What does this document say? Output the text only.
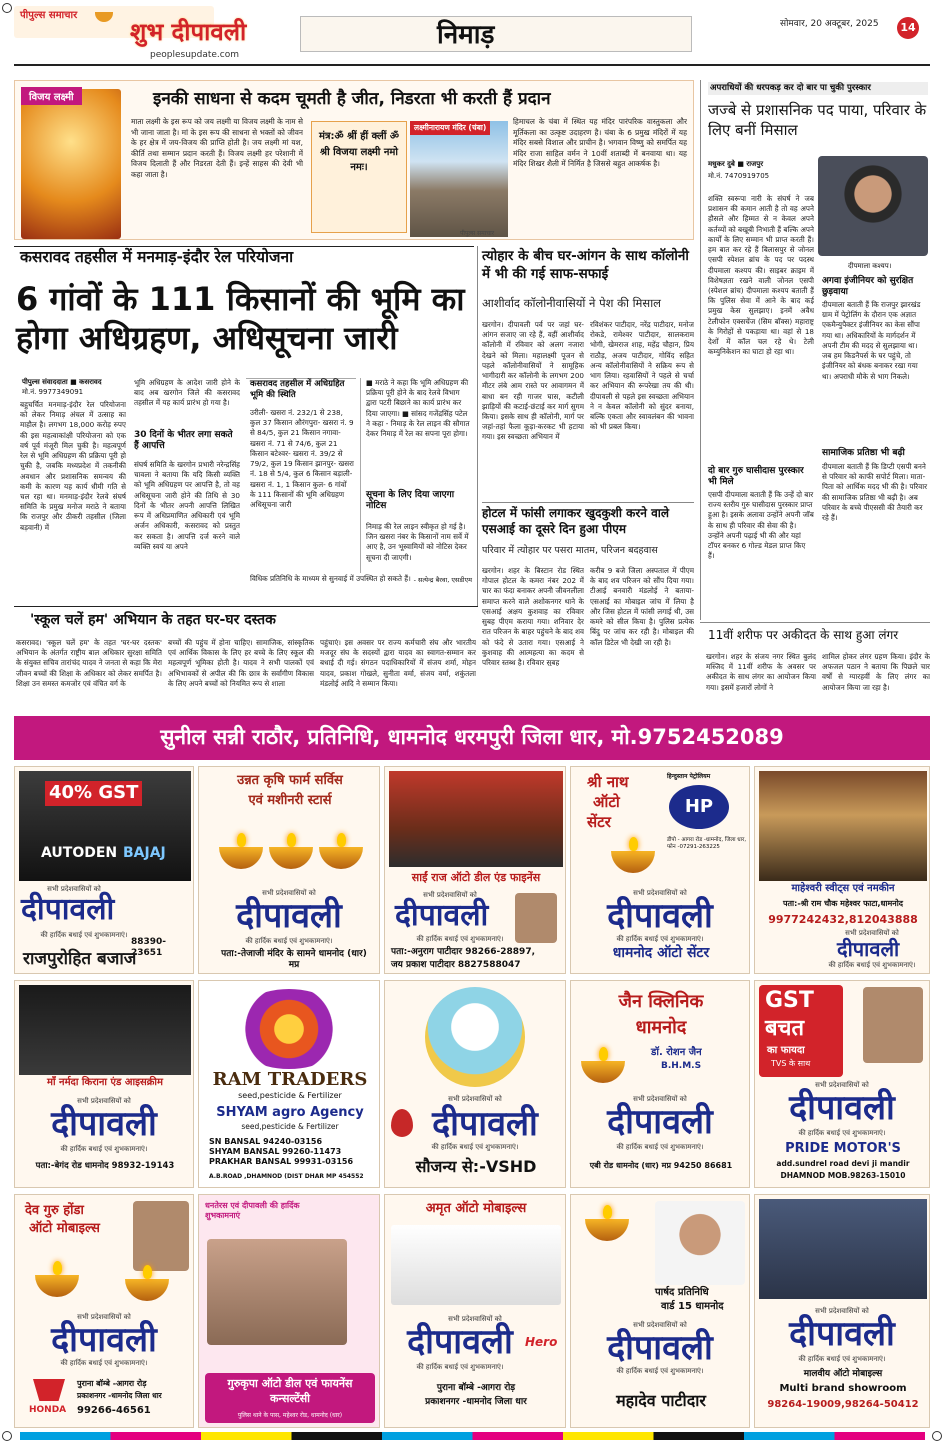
पीपुल्स समाचार
शुभ दीपावली
peoplesupdate.com
निमाड़	सोमवार, 20 अक्टूबर, 2025	14
विजय लक्ष्मी	इनकी साधना से कदम चूमती है जीत, निडरता भी करती हैं प्रदान
माता लक्ष्मी के इस रूप को जय लक्ष्मी या विजय लक्ष्मी के नाम से भी जाना जाता है। मां के इस रूप की साधना से भक्तों को जीवन के हर क्षेत्र में जय-विजय की प्राप्ति होती है। जय लक्ष्मी मां यश, कीर्ति तथा सम्मान प्रदान करती हैं। विजय लक्ष्मी हर परेशानी में विजय दिलाती हैं और निडरता देती हैं। इन्हें साहस की देवी भी कहा जाता है।
मंत्र:ॐ श्रीं हीं क्लीं ॐ श्री विजया लक्ष्मी नमो नमः।
लक्ष्मीनारायण मंदिर (चंबा)
हिमाचल के चंबा में स्थित यह मंदिर पारंपरिक वास्तुकला और मूर्तिकला का उत्कृष्ट उदाहरण है। चंबा के 6 प्रमुख मंदिरों में यह मंदिर सबसे विशाल और प्राचीन है। भगवान विष्णु को समर्पित यह मंदिर राजा साहिल वर्मन ने 10वीं शताब्दी में बनवाया था। यह मंदिर शिखर शैली में निर्मित है जिससे बहुत आकर्षक है।
पीपुल्स समाचार
कसरावद तहसील में मनमाड़-इंदौर रेल परियोजना
6 गांवों के 111 किसानों की भूमि का होगा अधिग्रहण, अधिसूचना जारी
पीपुल्स संवाददाता ■ कसरावद
मो.नं. 9977349091
बहुचर्चित मनमाड़-इंदौर रेल परियोजना को लेकर निमाड़ अंचल में उत्साह का माहौल है। लगभग 18,000 करोड़ रुपए की इस महत्वाकांक्षी परियोजना को एक वर्ष पूर्व मंजूरी मिल चुकी है। महत्वपूर्ण रेल से भूमि अधिग्रहण की प्रक्रिया पूरी हो चुकी है, जबकि मध्यप्रदेश में तकनीकी अवधान और प्रशासनिक समन्वय की कमी के कारण यह कार्य धीमी गति से चल रहा था। मनमाड़-इंदौर रेलवे संघर्ष समिति के प्रमुख मनोज मराठे ने बताया कि राजपुर और ठीकरी तहसील (जिला बड़वानी) में
भूमि अधिग्रहण के आदेश जारी होने के बाद अब खरगोन जिले की कसरावद तहसील में यह कार्य प्रारंभ हो गया है।
30 दिनों के भीतर लगा सकते हैं आपत्ति
संघर्ष समिति के खरगोन प्रभारी नरेन्द्रसिंह चावला ने बताया कि यदि किसी व्यक्ति को भूमि अधिग्रहण पर आपत्ति है, तो वह अधिसूचना जारी होने की तिथि से 30 दिनों के भीतर अपनी आपत्ति लिखित रूप में अधिप्रमाणित अधिकारी एवं भूमि अर्जन अधिकारी, कसरावद को प्रस्तुत कर सकता है। आपत्ति दर्ज करने वाले व्यक्ति स्वयं या अपने
कसरावद तहसील में अधिग्रहित भूमि की स्थिति
उरीली- खसरा नं. 232/1 से 238, कुल 37 किसान औरंगपुरा- खसरा नं. 9 से 84/5, कुल 21 किसान नगावा- खसरा नं. 71 से 74/6, कुल 21 किसान बटेश्वर- खसरा नं. 39/2 से 79/2, कुल 19 किसान झानपुर- खसरा नं. 18 से 5/4, कुल 6 किसान बड़ाली- खसरा नं. 1, 1 किसान कुल- 6 गांवों के 111 किसानों की भूमि अधिग्रहण अधिसूचना जारी
विधिक प्रतिनिधि के माध्यम से सुनवाई में उपस्थित हो सकते हैं।
■ मराठे ने कहा कि भूमि अधिग्रहण की प्रक्रिया पूरी होने के बाद रेलवे विभाग द्वारा पटरी बिछाने का कार्य प्रारंभ कर दिया जाएगा। ■ सांसद गजेंद्रसिंह पटेल ने कहा - निमाड़ के रेल लाइन की सौगात देकर निमाड़ में रेल का सपना पूरा होगा।
सूचना के लिए दिया जाएगा नोटिस
निमाड़ की रेल लाइन स्वीकृत हो गई है। जिन खसरा नंबर के किसानों नाम सर्वे में आए है, उन भूस्वामियों को नोटिस देकर सूचना दी जाएगी।
- सत्येन्द्र बैरवा, एसडीएम
त्योहार के बीच घर-आंगन के साथ कॉलोनी में भी की गई साफ-सफाई
आशीर्वाद कॉलोनीवासियों ने पेश की मिसाल
खरगोन। दीपावली पर्व पर जहां घर-आंगन सजाए जा रहे हैं, वहीं आशीर्वाद कॉलोनी में रविवार को अलग नजारा देखने को मिला। महालक्ष्मी पूजन से पहले कॉलोनीवासियों ने सामूहिक भागीदारी कर कॉलोनी के लगभग 200 मीटर लंबे आम रास्ते पर आवागमन में बाधा बन रही गाजर घास, कटीली झाड़ियों की कटाई-छंटाई कर मार्ग सुगम किया। इसके साथ ही कॉलोनी, मार्ग पर जहां-तहां फैला कूड़ा-करकट भी हटाया गया। इस स्वच्छता अभियान में
रविशंकर पाटीदार, नरेंद्र पाटीदार, मनोज रोकडे, रामेश्वर पाटीदार, सालकराम भोगी, खेमराज शाह, महेंद्र चौहान, प्रिय राठौड़, अजय पाटीदार, गोविंद सहित अन्य कॉलोनीवासियों ने सक्रिय रूप से भाग लिया। रहवासियों ने पहले से चर्चा कर अभियान की रूपरेखा तय की थी। दीपावली से पहले इस स्वच्छता अभियान ने न केवल कॉलोनी को सुंदर बनाया, बल्कि एकता और स्वावलंबन की भावना को भी प्रबल किया।
होटल में फांसी लगाकर खुदकुशी करने वाले एसआई का दूसरे दिन हुआ पीएम
परिवार में त्योहार पर पसरा मातम, परिजन बदहवास
खरगोन। शहर के बिस्टान रोड स्थित गोपाल होटल के कमरा नंबर 202 में चार का फंदा बनाकर अपनी जीवनलीला समाप्त करने वाले अशोकनगर थाने के एसआई अक्षय कुशवाह का रविवार सुबह पीएम कराया गया। शनिवार देर रात परिजन के बाहर पहुंचने के बाद शव को फंदे से उतारा गया। एसआई ने कुशवाह की आत्महत्या का कदम से परिवार स्तब्ध है। रविवार सुबह
करीब 9 बजे जिला अस्पताल में पीएम के बाद शव परिजन को सौंप दिया गया। टीआई बनवारी मंडलोई ने बताया- एसआई का मोबाइल जांच में लिया है और जिस होटल में फांसी लगाई थी, उस कमरे को सील किया है। पुलिस प्रत्येक बिंदु पर जांच कर रही है। मोबाइल की कॉल डिटेल भी देखी जा रही है।
'स्कूल चलें हम' अभियान के तहत घर-घर दस्तक
कसरावद। 'स्कूल चलें हम' के तहत 'घर-घर दस्तक' अभियान के अंतर्गत राष्ट्रीय बाल अधिकार सुरक्षा समिति के संयुक्त सचिव तारांचंद यादव ने जनता से कहा कि मेरा जीवन बच्चों की शिक्षा के अधिकार को लेकर समर्पित है। शिक्षा उन समस्त कमजोर एवं वंचित वर्ग के
बच्चों की पहुंच में होना चाहिए। सामाजिक, सांस्कृतिक एवं आर्थिक विकास के लिए हर बच्चे के लिए स्कूल की महत्वपूर्ण भूमिका होती है। यादव ने सभी पालकों एवं अभिभावकों से अपील की कि छात्र के सर्वांगीण विकास के लिए अपने बच्चों को नियमित रूप से शाला
पहुंचाएं। इस अवसर पर राज्य कर्मचारी संघ और भारतीय मजदूर संघ के सदस्यों द्वारा यादव का स्वागत-सम्मान कर बधाई दी गई। संगठन पदाधिकारियों में संजय शर्मा, मोहन यादव, प्रकाश गोखले, सुनीता वर्मा, संजय वर्मा, शकुंतला मंडलोई आदि ने सम्मान किया।
अपराधियों की धरपकड़ कर दो बार पा चुकी पुरस्कार
जज्बे से प्रशासनिक पद पाया, परिवार के लिए बनीं मिसाल
मधुकर दुबे ■ राजपुर
मो.नं. 7470919705
दीपमाला कश्यप।
शक्ति स्वरूपा नारी के संघर्ष ने जब प्रशासन की कमान आती है तो वह अपने हौसले और हिम्मत से न केवल अपने कर्तव्यों को बखूबी निभाती हैं बल्कि अपने कार्यों के लिए सम्मान भी प्राप्त करती हैं। हम बात कर रहे हैं बिलासपुर से जोनल एसपी स्पेशल ब्रांच के पद पर पदस्थ दीपमाला कश्यप की। साइबर क्राइम में विशेषज्ञता रखने वाली जोनल एसपी (स्पेशल ब्रांच) दीपमाला कश्यप बताती हैं कि पुलिस सेवा में आने के बाद कई प्रमुख केस सुलझाए। इनमें अवैध टेलीफोन एक्सचेंज (सिम बॉक्स) महाराष्ट्र के गिरोहों से पकड़ाया था। वहां से 18 देशों में कॉल चल रहे थे। टेली कम्युनिकेशन का घाटा हो रहा था।
अगवा इंजीनियर को सुरक्षित छुड़वाया
दीपमाला बताती हैं कि राजपुर झारखंड ग्राम में पेट्रोलिंग के दौरान एक अज्ञात एकमैन्युपैक्टर इंजीनियर का केस सौंपा गया था। अधिकारियों के मार्गदर्शन में अपनी टीम की मदद से सुलझाया था। जब हम किडनैपर्स के घर पहुंचे, तो इंजीनियर को बंधक बनाकर रखा गया था। अपराधी मौके से भाग निकले।
दो बार गुरु घासीदास पुरस्कार भी मिले
एसपी दीपमाला बताती हैं कि उन्हें दो बार राज्य स्तरीय गुरु घासीदास पुरस्कार प्राप्त हुआ है। इसके अलावा उन्होंने अपनी जॉब के साथ ही परिवार की सेवा की है। उन्होंने अपनी पढ़ाई भी की और यहां टॉपर बनकर 6 गोल्ड मेडल प्राप्त किए हैं।
सामाजिक प्रतिष्ठा भी बढ़ी
दीपमाला बताती हैं कि डिप्टी एसपी बनने से परिवार को काफी सपोर्ट मिला। माता-पिता को आर्थिक मदद भी की है। परिवार की सामाजिक प्रतिष्ठा भी बढ़ी है। अब परिवार के बच्चे पीएससी की तैयारी कर रहे हैं।
11वीं शरीफ पर अकीदत के साथ हुआ लंगर
खरगोन। शहर के संजय नगर स्थित बुलंद मस्जिद में 11वीं शरीफ के अवसर पर अकीदत के साथ लंगर का आयोजन किया गया। इसमें हजारों लोगों ने
शामिल होकर लंगर ग्रहण किया। इंदौर के अफजल पठान ने बताया कि पिछले चार वर्षों से ग्यारहवीं के लिए लंगर का आयोजन किया जा रहा है।
सुनील सन्नी राठौर, प्रतिनिधि, धामनोद धरमपुरी जिला धार, मो.9752452089
40% GST
AUTODEN BAJAJ
सभी प्रदेशवासियों को
दीपावली
की हार्दिक बधाई एवं शुभकामनाएं।
88390-23651
राजपुरोहित बजाज
उन्नत कृषि फार्म सर्विस
एवं मशीनरी स्टार्स
सभी प्रदेशवासियों को
दीपावली
की हार्दिक बधाई एवं शुभकामनाएं।
पता:-तेजाजी मंदिर के सामने धामनोद (धार) मप्र
साईं राज ऑटो डील एंड फाइनेंस
सभी प्रदेशवासियों को
दीपावली
की हार्दिक बधाई एवं शुभकामनाएं।
पता:-अनुराग पाटीदार 98266-28897,
जय प्रकाश पाटीदार 8827588047
श्री नाथ
ऑटो
सेंटर
हिन्दुस्तान पेट्रोलियम
HP
डीपो - आगरा रोड -धामनोद, जिला धार, फोन -07291-263225
सभी प्रदेशवासियों को
दीपावली
की हार्दिक बधाई एवं शुभकामनाएं।
धामनोद ऑटो सेंटर
माहेश्वरी स्वीट्स एवं नमकीन
पता:-श्री राम चौक महेश्वर फाटा,धामनोद
9977242432,812043888
सभी प्रदेशवासियों को
दीपावली
की हार्दिक बधाई एवं शुभकामनाएं।
माँ नर्मदा किराना एंड आइसक्रीम
सभी प्रदेशवासियों को
दीपावली
की हार्दिक बधाई एवं शुभकामनाएं।
पता:-बेगंद रोड धामनोद 98932-19143
RAM TRADERS
seed,pesticide & Fertilizer
SHYAM agro Agency
seed,pesticide & Fertilizer
SN BANSAL 94240-03156
SHYAM BANSAL 99260-11473
PRAKHAR BANSAL 99931-03156
A.B.ROAD ,DHAMNOD (DIST DHAR MP 454552
सभी प्रदेशवासियों को
दीपावली
की हार्दिक बधाई एवं शुभकामनाएं।
सौजन्य से:-VSHD
जैन क्लिनिक
धामनोद
डॉ. रोशन जैन
B.H.M.S
सभी प्रदेशवासियों को
दीपावली
की हार्दिक बधाई एवं शुभकामनाएं।
एबी रोड धामनोद (धार) मप्र 94250 86681
GST
बचत
का फायदा
TVS के साथ
सभी प्रदेशवासियों को
दीपावली
की हार्दिक बधाई एवं शुभकामनाएं।
PRIDE MOTOR'S
add.sundrel road devi ji mandir
DHAMNOD MOB.98263-15010
देव गुरु होंडा
ऑटो मोबाइल्स
सभी प्रदेशवासियों को
दीपावली
की हार्दिक बधाई एवं शुभकामनाएं।
HONDA
पुराना बॉम्बे -आगरा रोड़
प्रकाशनगर -धामनोद जिला धार
99266-46561
धनतेरस एवं दीपावली की हार्दिक शुभकामनाएं
गुरुकृपा ऑटो डील एवं फायनेंस कन्सल्टेंसी
पुलिस थाने के पास, महेश्वर रोड, धामनोद (धार)
अमृत ऑटो मोबाइल्स
सभी प्रदेशवासियों को
दीपावली	Hero
की हार्दिक बधाई एवं शुभकामनाएं।
पुराना बॉम्बे -आगरा रोड़
प्रकाशनगर -धामनोद जिला धार
पार्षद प्रतिनिधि
वार्ड 15 धामनोद
सभी प्रदेशवासियों को
दीपावली
की हार्दिक बधाई एवं शुभकामनाएं।
महादेव पाटीदार
सभी प्रदेशवासियों को
दीपावली
की हार्दिक बधाई एवं शुभकामनाएं।
मालवीय ऑटो मोबाइल्स
Multi brand showroom
98264-19009,98264-50412
